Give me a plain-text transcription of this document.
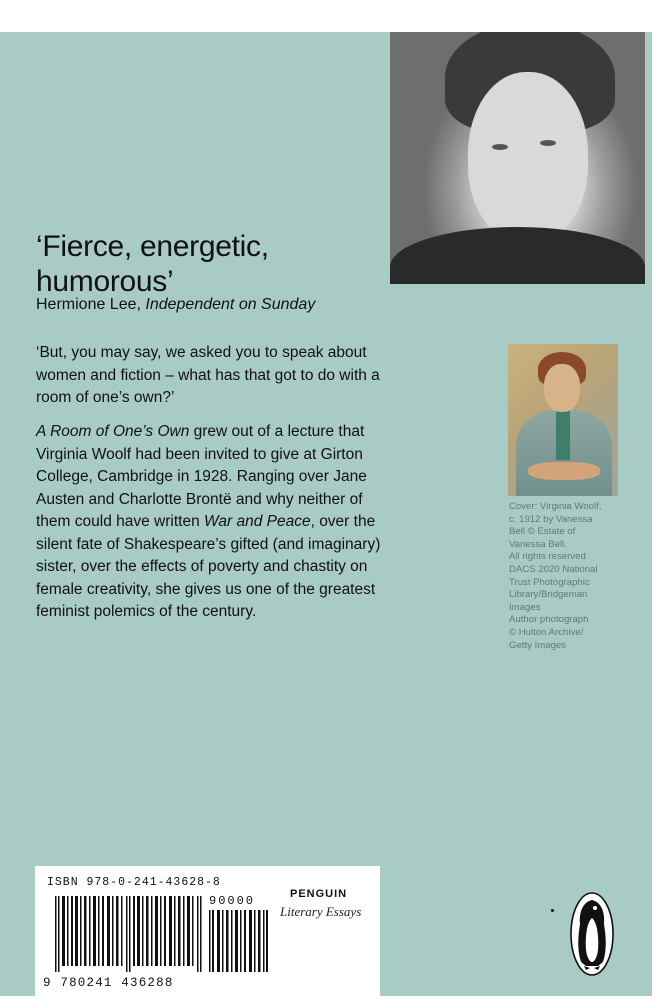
‘Fierce, energetic,
humorous’
Hermione Lee, Independent on Sunday

‘But, you may say, we asked you to speak about women and fiction – what has that got to do with a room of one’s own?’

A Room of One’s Own grew out of a lecture that Virginia Woolf had been invited to give at Girton College, Cambridge in 1928. Ranging over Jane Austen and Charlotte Brontë and why neither of them could have written War and Peace, over the silent fate of Shakespeare’s gifted (and imaginary) sister, over the effects of poverty and chastity on female creativity, she gives us one of the greatest feminist polemics of the century.

Cover: Virginia Woolf,
c. 1912 by Vanessa
Bell © Estate of
Vanessa Bell.
All rights reserved
DACS 2020 National
Trust Photographic
Library/Bridgeman
Images
Author photograph
© Hulton Archive/
Getty Images
ISBN 978-0-241-43628-8
90000
9 780241 436288
PENGUIN
Literary Essays
